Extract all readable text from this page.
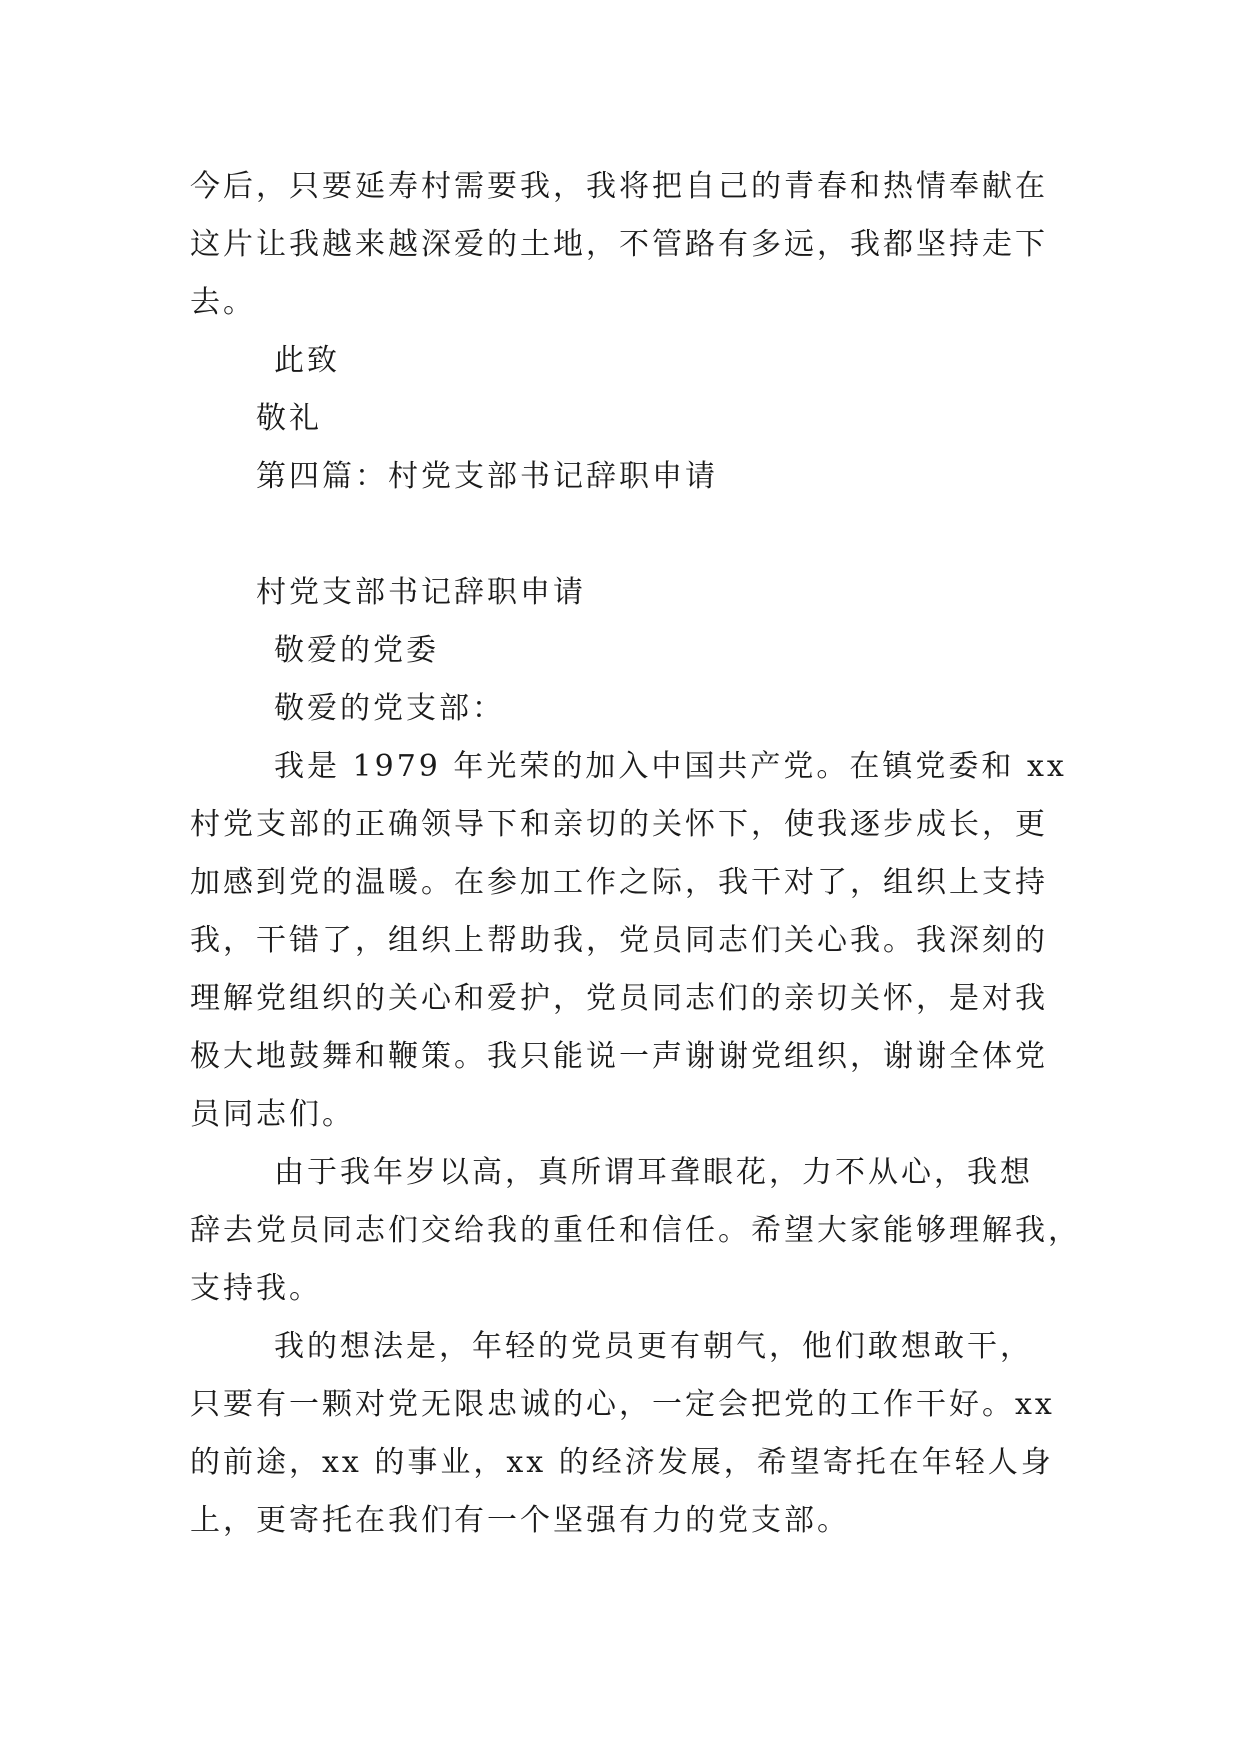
今后，只要延寿村需要我，我将把自己的青春和热情奉献在
这片让我越来越深爱的土地，不管路有多远，我都坚持走下
去。
此致
敬礼
第四篇：村党支部书记辞职申请
村党支部书记辞职申请
敬爱的党委
敬爱的党支部：
我是 1979 年光荣的加入中国共产党。在镇党委和 xx
村党支部的正确领导下和亲切的关怀下，使我逐步成长，更
加感到党的温暖。在参加工作之际，我干对了，组织上支持
我，干错了，组织上帮助我，党员同志们关心我。我深刻的
理解党组织的关心和爱护，党员同志们的亲切关怀，是对我
极大地鼓舞和鞭策。我只能说一声谢谢党组织，谢谢全体党
员同志们。
由于我年岁以高，真所谓耳聋眼花，力不从心，我想
辞去党员同志们交给我的重任和信任。希望大家能够理解我，
支持我。
我的想法是，年轻的党员更有朝气，他们敢想敢干，
只要有一颗对党无限忠诚的心，一定会把党的工作干好。xx
的前途，xx 的事业，xx 的经济发展，希望寄托在年轻人身
上，更寄托在我们有一个坚强有力的党支部。
